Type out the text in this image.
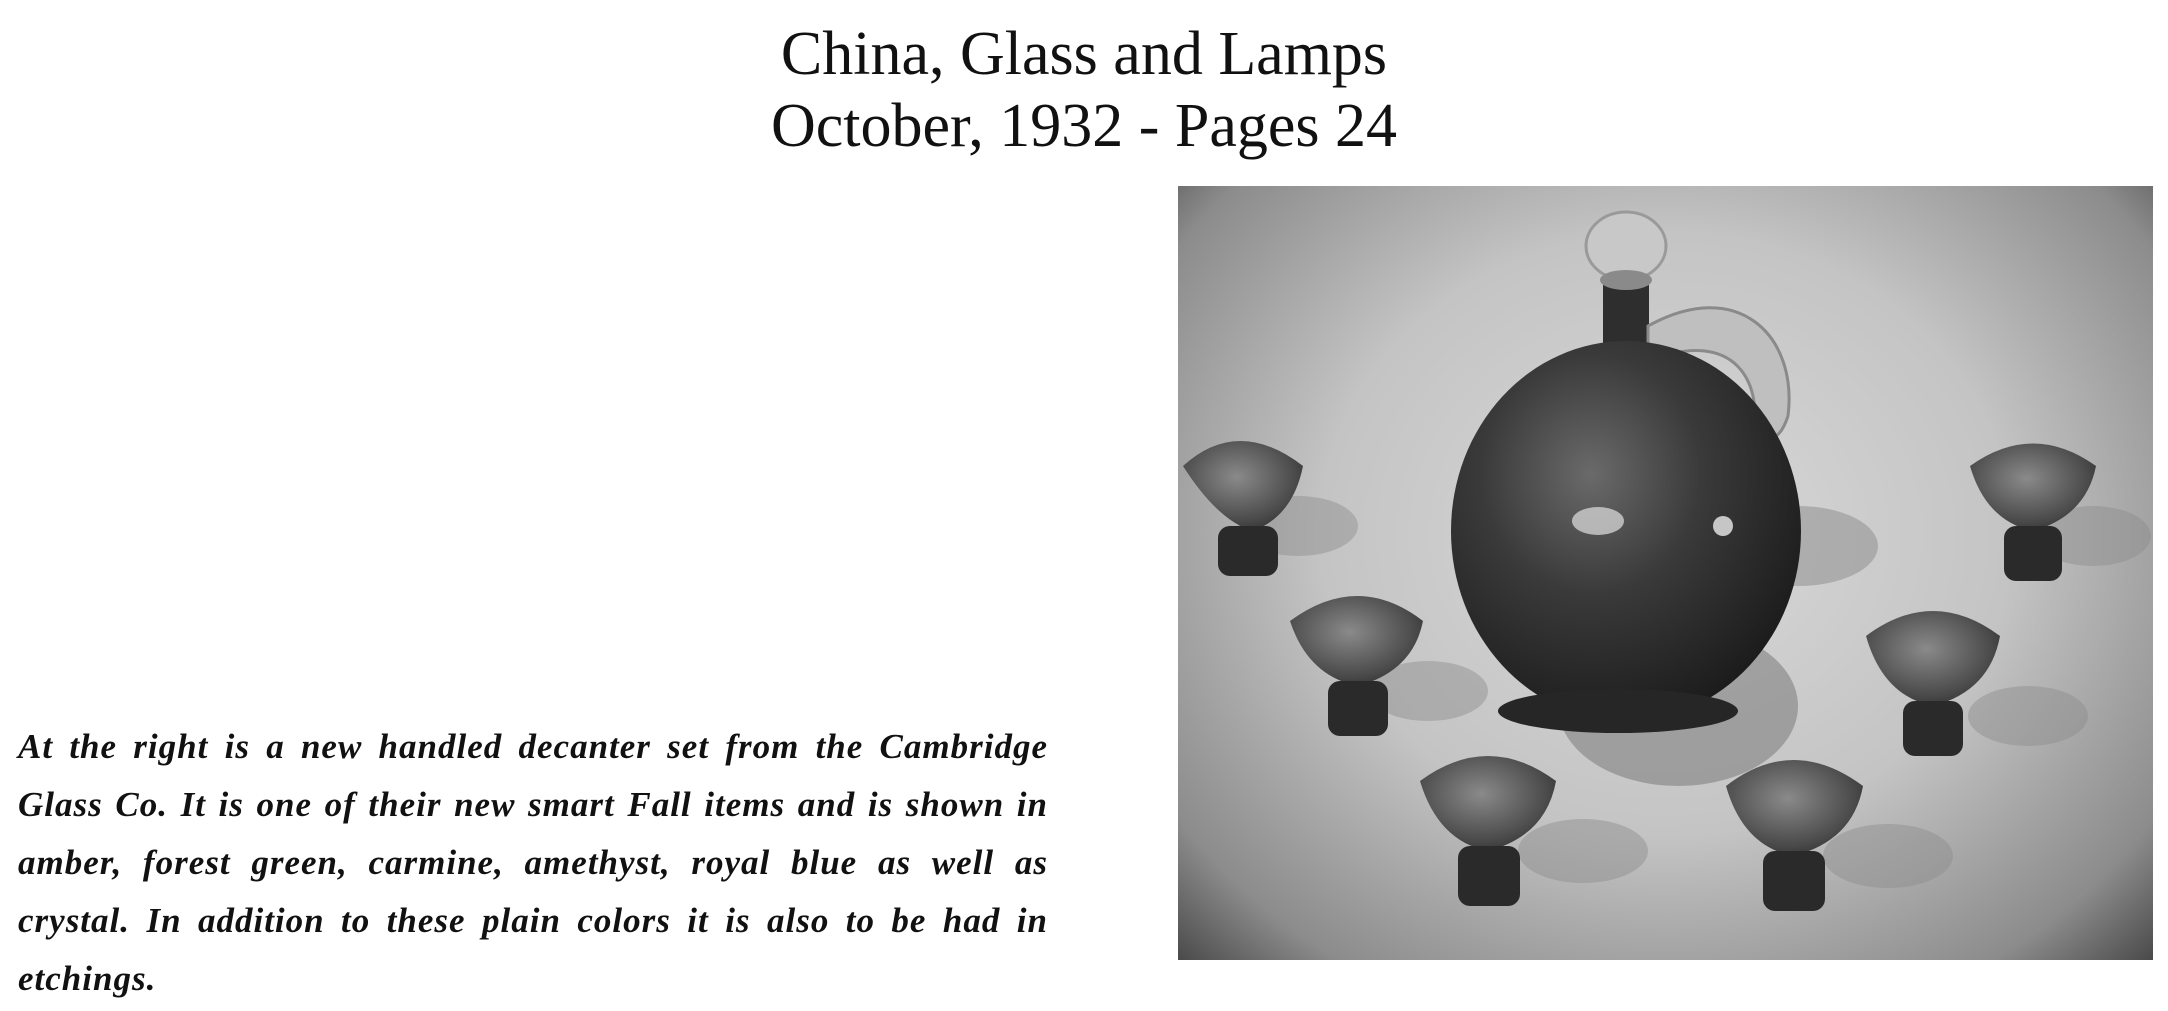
China, Glass and Lamps
October, 1932 - Pages 24
At the right is a new handled decanter set from the Cambridge Glass Co. It is one of their new smart Fall items and is shown in amber, forest green, carmine, amethyst, royal blue as well as crystal. In addition to these plain colors it is also to be had in etchings.
